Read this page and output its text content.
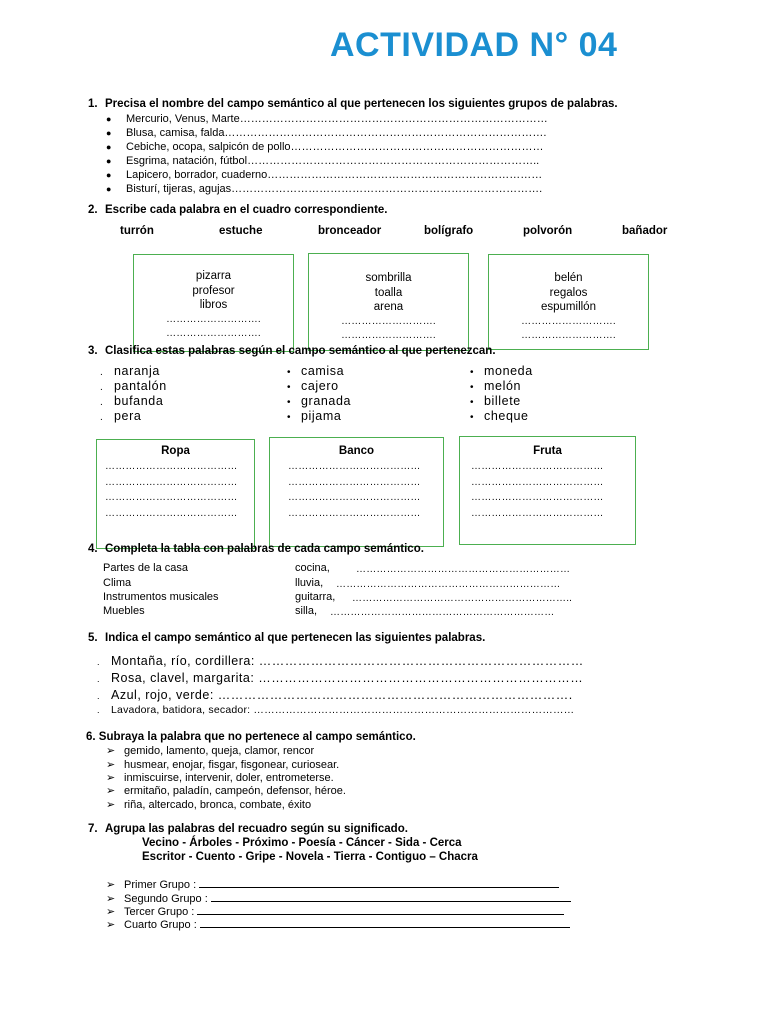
ACTIVIDAD N° 04
1. Precisa el nombre del campo semántico al que pertenecen los siguientes grupos de palabras.
● Mercurio, Venus, Marte…………………………………………………………………………
● Blusa, camisa, falda…………………………………………………………………………….
● Cebiche, ocopa, salpicón de pollo……………………………………………………………
● Esgrima, natación, fútbol……………………………………………………………………..
● Lapicero, borrador, cuaderno…………………………………………………………………
● Bisturí, tijeras, agujas………………………………………………………………………….
2. Escribe cada palabra en el cuadro correspondiente.
turrón	estuche	bronceador	bolígrafo	polvorón	bañador
pizarra
profesor
libros
……………………….
……………………….
sombrilla
toalla
arena
……………………….
……………………….
belén
regalos
espumillón
……………………….
……………………….
3. Clasifica estas palabras según el campo semántico al que pertenezcan.
. naranja
. pantalón
. bufanda
. pera
• camisa
• cajero
• granada
• pijama
• moneda
• melón
• billete
• cheque
Ropa
…………………………………
…………………………………
…………………………………
…………………………………
Banco
…………………………………
…………………………………
…………………………………
…………………………………
Fruta
…………………………………
…………………………………
…………………………………
…………………………………
4. Completa la tabla con palabras de cada campo semántico.
Partes de la casa	cocina,	………………………………………………………
Clima	lluvia, …………………………………………………………
Instrumentos musicales	guitarra, ………………………………………………………..
Muebles	silla, …………………………………………………………
5. Indica el campo semántico al que pertenecen las siguientes palabras.
. Montaña, río, cordillera: …………………………………………………………………
. Rosa, clavel, margarita: …………………………………………………………………
. Azul, rojo, verde: ……………………………………………………………………….
. Lavadora, batidora, secador: ………………………………………………………………………………
6. Subraya la palabra que no pertenece al campo semántico.
➢ gemido, lamento, queja, clamor, rencor
➢ husmear, enojar, fisgar, fisgonear, curiosear.
➢ inmiscuirse, intervenir, doler, entrometerse.
➢ ermitaño, paladín, campeón, defensor, héroe.
➢ riña, altercado, bronca, combate, éxito
7. Agrupa las palabras del recuadro según su significado.
Vecino - Árboles - Próximo - Poesía - Cáncer - Sida - Cerca
Escritor - Cuento - Gripe - Novela - Tierra - Contiguo – Chacra
➢ Primer Grupo :
➢ Segundo Grupo :
➢ Tercer Grupo :
➢ Cuarto Grupo :
